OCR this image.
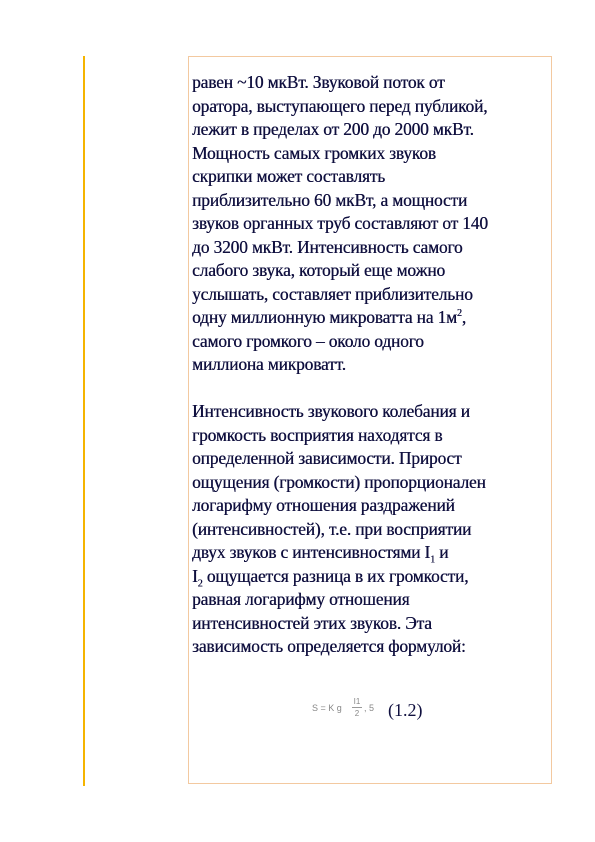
равен ~10 мкВт. Звуковой поток от
оратора, выступающего перед публикой,
лежит в пределах от 200 до 2000 мкВт.
Мощность самых громких звуков
скрипки может составлять
приблизительно 60 мкВт, а мощности
звуков органных труб составляют от 140
до 3200 мкВт. Интенсивность самого
слабого звука, который еще можно
услышать, составляет приблизительно
одну миллионную микроватта на $1м^2$,
самого громкого – около одного
миллиона микроватт.
Интенсивность звукового колебания и
громкость восприятия находятся в
определенной зависимости. Прирост
ощущения (громкости) пропорционален
логарифму отношения раздражений
(интенсивностей), т.е. при восприятии
двух звуков с интенсивностями $I_1$ и
$I_2$ ощущается разница в их громкости,
равная логарифму отношения
интенсивностей этих звуков. Эта
зависимость определяется формулой:
S = K g
I1
2
, 5 (1.2)
